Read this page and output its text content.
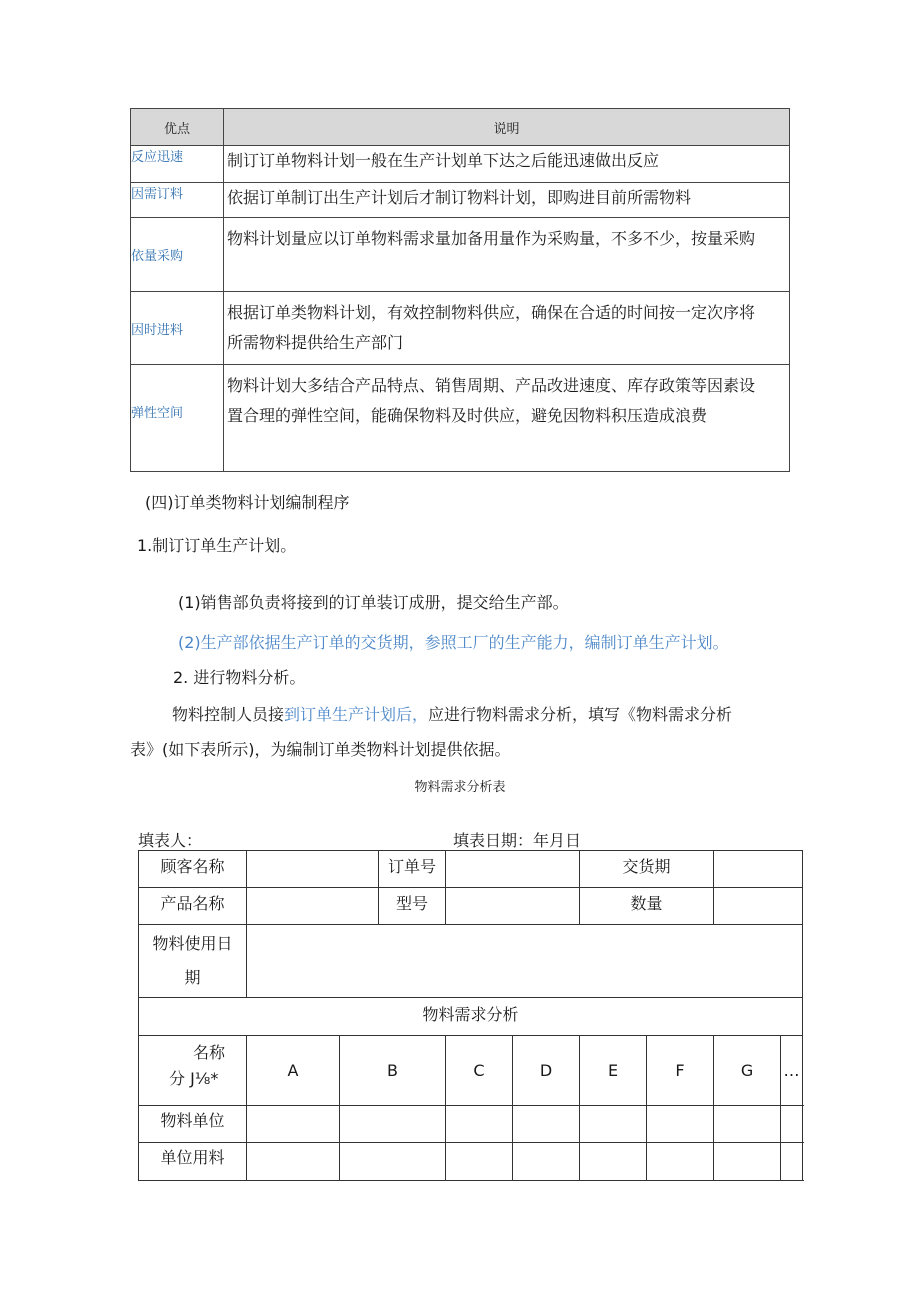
优点	说明
反应迅速	制订订单物料计划一般在生产计划单下达之后能迅速做出反应

因需订料	依据订单制订出生产计划后才制订物料计划，即购进目前所需物料

依量采购	物料计划量应以订单物料需求量加备用量作为采购量，不多不少，按量采购

因时进料	根据订单类物料计划，有效控制物料供应，确保在合适的时间按一定次序将
所需物料提供给生产部门

弹性空间	物料计划大多结合产品特点、销售周期、产品改进速度、库存政策等因素设
置合理的弹性空间，能确保物料及时供应，避免因物料积压造成浪费
(四)订单类物料计划编制程序
1.制订订单生产计划。
(1)销售部负责将接到的订单装订成册，提交给生产部。
(2)生产部依据生产订单的交货期，参照工厂的生产能力，编制订单生产计划。
2. 进行物料分析。
物料控制人员接到订单生产计划后，应进行物料需求分析，填写《物料需求分析
表》(如下表所示)，为编制订单类物料计划提供依据。
物料需求分析表
填表人：	填表日期：年月日
顾客名称			订单号			交货期			
产品名称			型号			数量			

物料使用日
期									

物料需求分析									

名称
分 J⅛*	A	B		C	D	E	F	G	…
物料单位									
单位用料									
